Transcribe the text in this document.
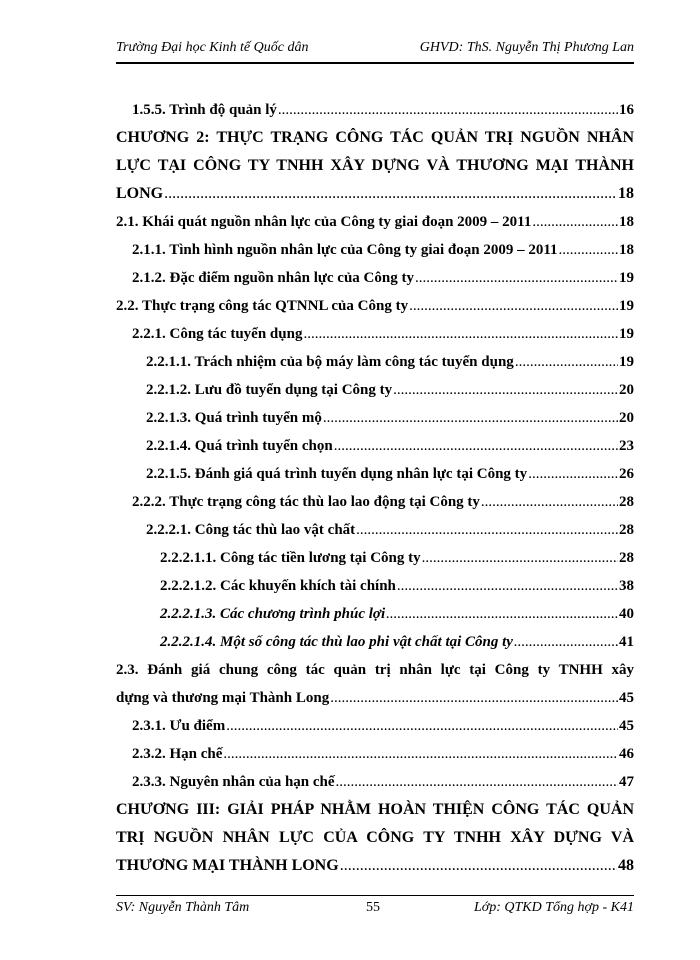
Trường Đại học Kinh tế Quốc dân	GHVD: ThS. Nguyễn Thị Phương Lan
1.5.5. Trình độ quản lý .....	16
CHƯƠNG 2: THỰC TRẠNG CÔNG TÁC QUẢN TRỊ NGUỒN NHÂN
LỰC TẠI CÔNG TY TNHH XÂY DỰNG VÀ THƯƠNG MẠI THÀNH
LONG .....	18
2.1. Khái quát nguồn nhân lực của Công ty giai đoạn 2009 – 2011 .....	18
2.1.1. Tình hình nguồn nhân lực của Công ty giai đoạn 2009 – 2011 .....	18
2.1.2. Đặc điểm nguồn nhân lực của Công ty .....	19
2.2. Thực trạng công tác QTNNL của Công ty .....	19
2.2.1. Công tác tuyển dụng .....	19
2.2.1.1. Trách nhiệm của bộ máy làm công tác tuyển dụng .....	19
2.2.1.2. Lưu đồ tuyển dụng tại Công ty .....	20
2.2.1.3. Quá trình tuyển mộ .....	20
2.2.1.4. Quá trình tuyển chọn .....	23
2.2.1.5. Đánh giá quá trình tuyển dụng nhân lực tại Công ty .....	26
2.2.2. Thực trạng công tác thù lao lao động tại Công ty .....	28
2.2.2.1. Công tác thù lao vật chất .....	28
2.2.2.1.1. Công tác tiền lương tại Công ty .....	28
2.2.2.1.2. Các khuyến khích tài chính .....	38
2.2.2.1.3. Các chương trình phúc lợi .....	40
2.2.2.1.4. Một số công tác thù lao phi vật chất tại Công ty .....	41
2.3. Đánh giá chung công tác quản trị nhân lực tại Công ty TNHH xây
dựng và thương mại Thành Long .....	45
2.3.1. Ưu điểm .....	45
2.3.2. Hạn chế .....	46
2.3.3. Nguyên nhân của hạn chế .....	47
CHƯƠNG III: GIẢI PHÁP NHẰM HOÀN THIỆN CÔNG TÁC QUẢN
TRỊ NGUỒN NHÂN LỰC CỦA CÔNG TY TNHH XÂY DỰNG VÀ
THƯƠNG MẠI THÀNH LONG .....	48
SV: Nguyễn Thành Tâm	55	Lớp: QTKD Tổng hợp - K41
